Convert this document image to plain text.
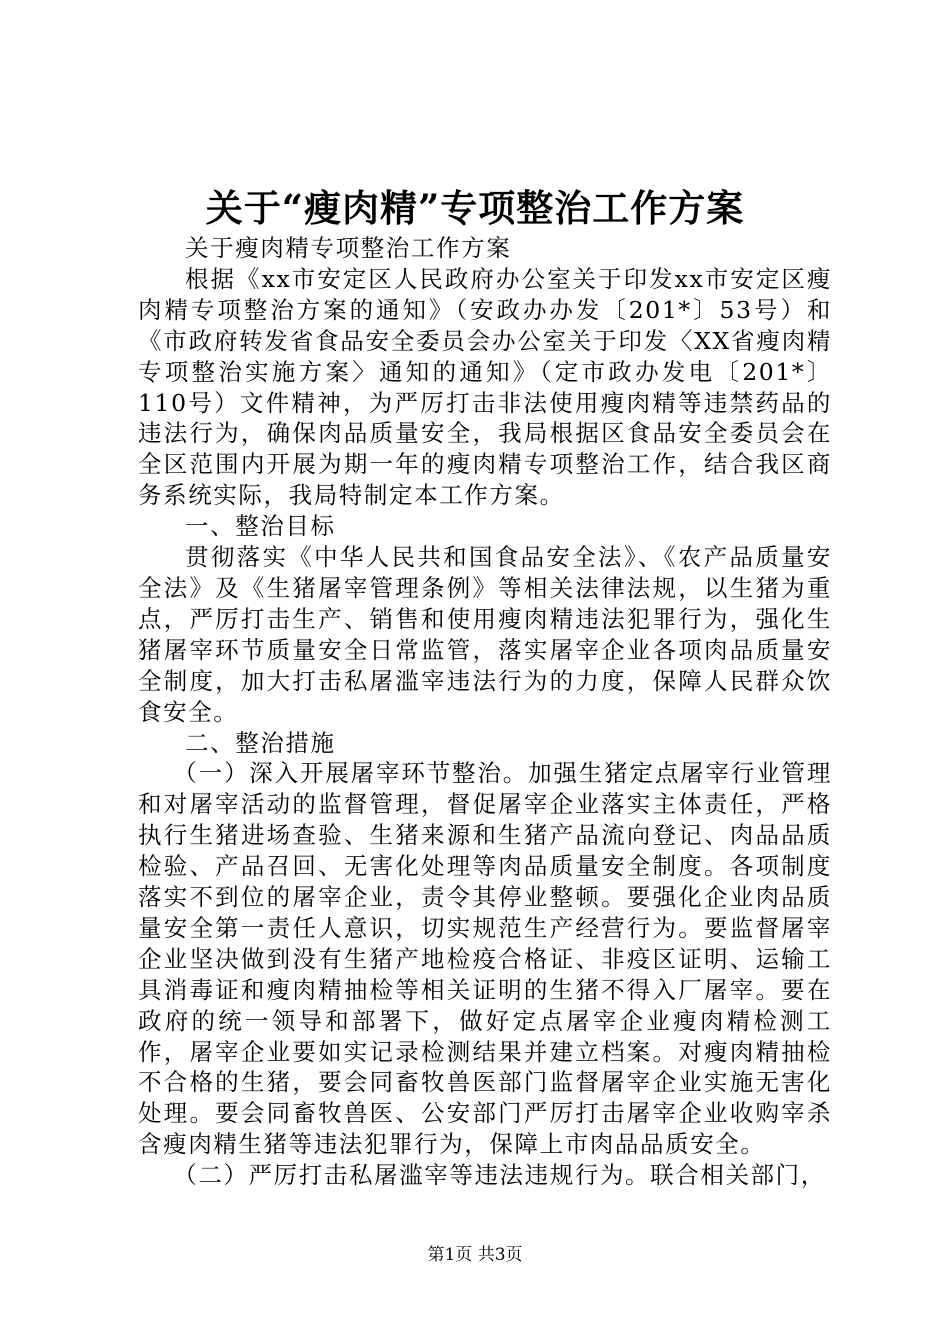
关于“瘦肉精”专项整治工作方案

关于瘦肉精专项整治工作方案

根据《xx市安定区人民政府办公室关于印发xx市安定区瘦肉精专项整治方案的通知》（安政办办发〔201*〕53号）和《市政府转发省食品安全委员会办公室关于印发〈XX省瘦肉精专项整治实施方案〉通知的通知》（定市政办发电〔201*〕110号）文件精神，为严厉打击非法使用瘦肉精等违禁药品的违法行为，确保肉品质量安全，我局根据区食品安全委员会在全区范围内开展为期一年的瘦肉精专项整治工作，结合我区商务系统实际，我局特制定本工作方案。

一、整治目标

贯彻落实《中华人民共和国食品安全法》、《农产品质量安全法》及《生猪屠宰管理条例》等相关法律法规，以生猪为重点，严厉打击生产、销售和使用瘦肉精违法犯罪行为，强化生猪屠宰环节质量安全日常监管，落实屠宰企业各项肉品质量安全制度，加大打击私屠滥宰违法行为的力度，保障人民群众饮食安全。

二、整治措施

（一）深入开展屠宰环节整治。加强生猪定点屠宰行业管理和对屠宰活动的监督管理，督促屠宰企业落实主体责任，严格执行生猪进场查验、生猪来源和生猪产品流向登记、肉品品质检验、产品召回、无害化处理等肉品质量安全制度。各项制度落实不到位的屠宰企业，责令其停业整顿。要强化企业肉品质量安全第一责任人意识，切实规范生产经营行为。要监督屠宰企业坚决做到没有生猪产地检疫合格证、非疫区证明、运输工具消毒证和瘦肉精抽检等相关证明的生猪不得入厂屠宰。要在政府的统一领导和部署下，做好定点屠宰企业瘦肉精检测工作，屠宰企业要如实记录检测结果并建立档案。对瘦肉精抽检不合格的生猪，要会同畜牧兽医部门监督屠宰企业实施无害化处理。要会同畜牧兽医、公安部门严厉打击屠宰企业收购宰杀含瘦肉精生猪等违法犯罪行为，保障上市肉品品质安全。

（二）严厉打击私屠滥宰等违法违规行为。联合相关部门，

第1页 共3页
